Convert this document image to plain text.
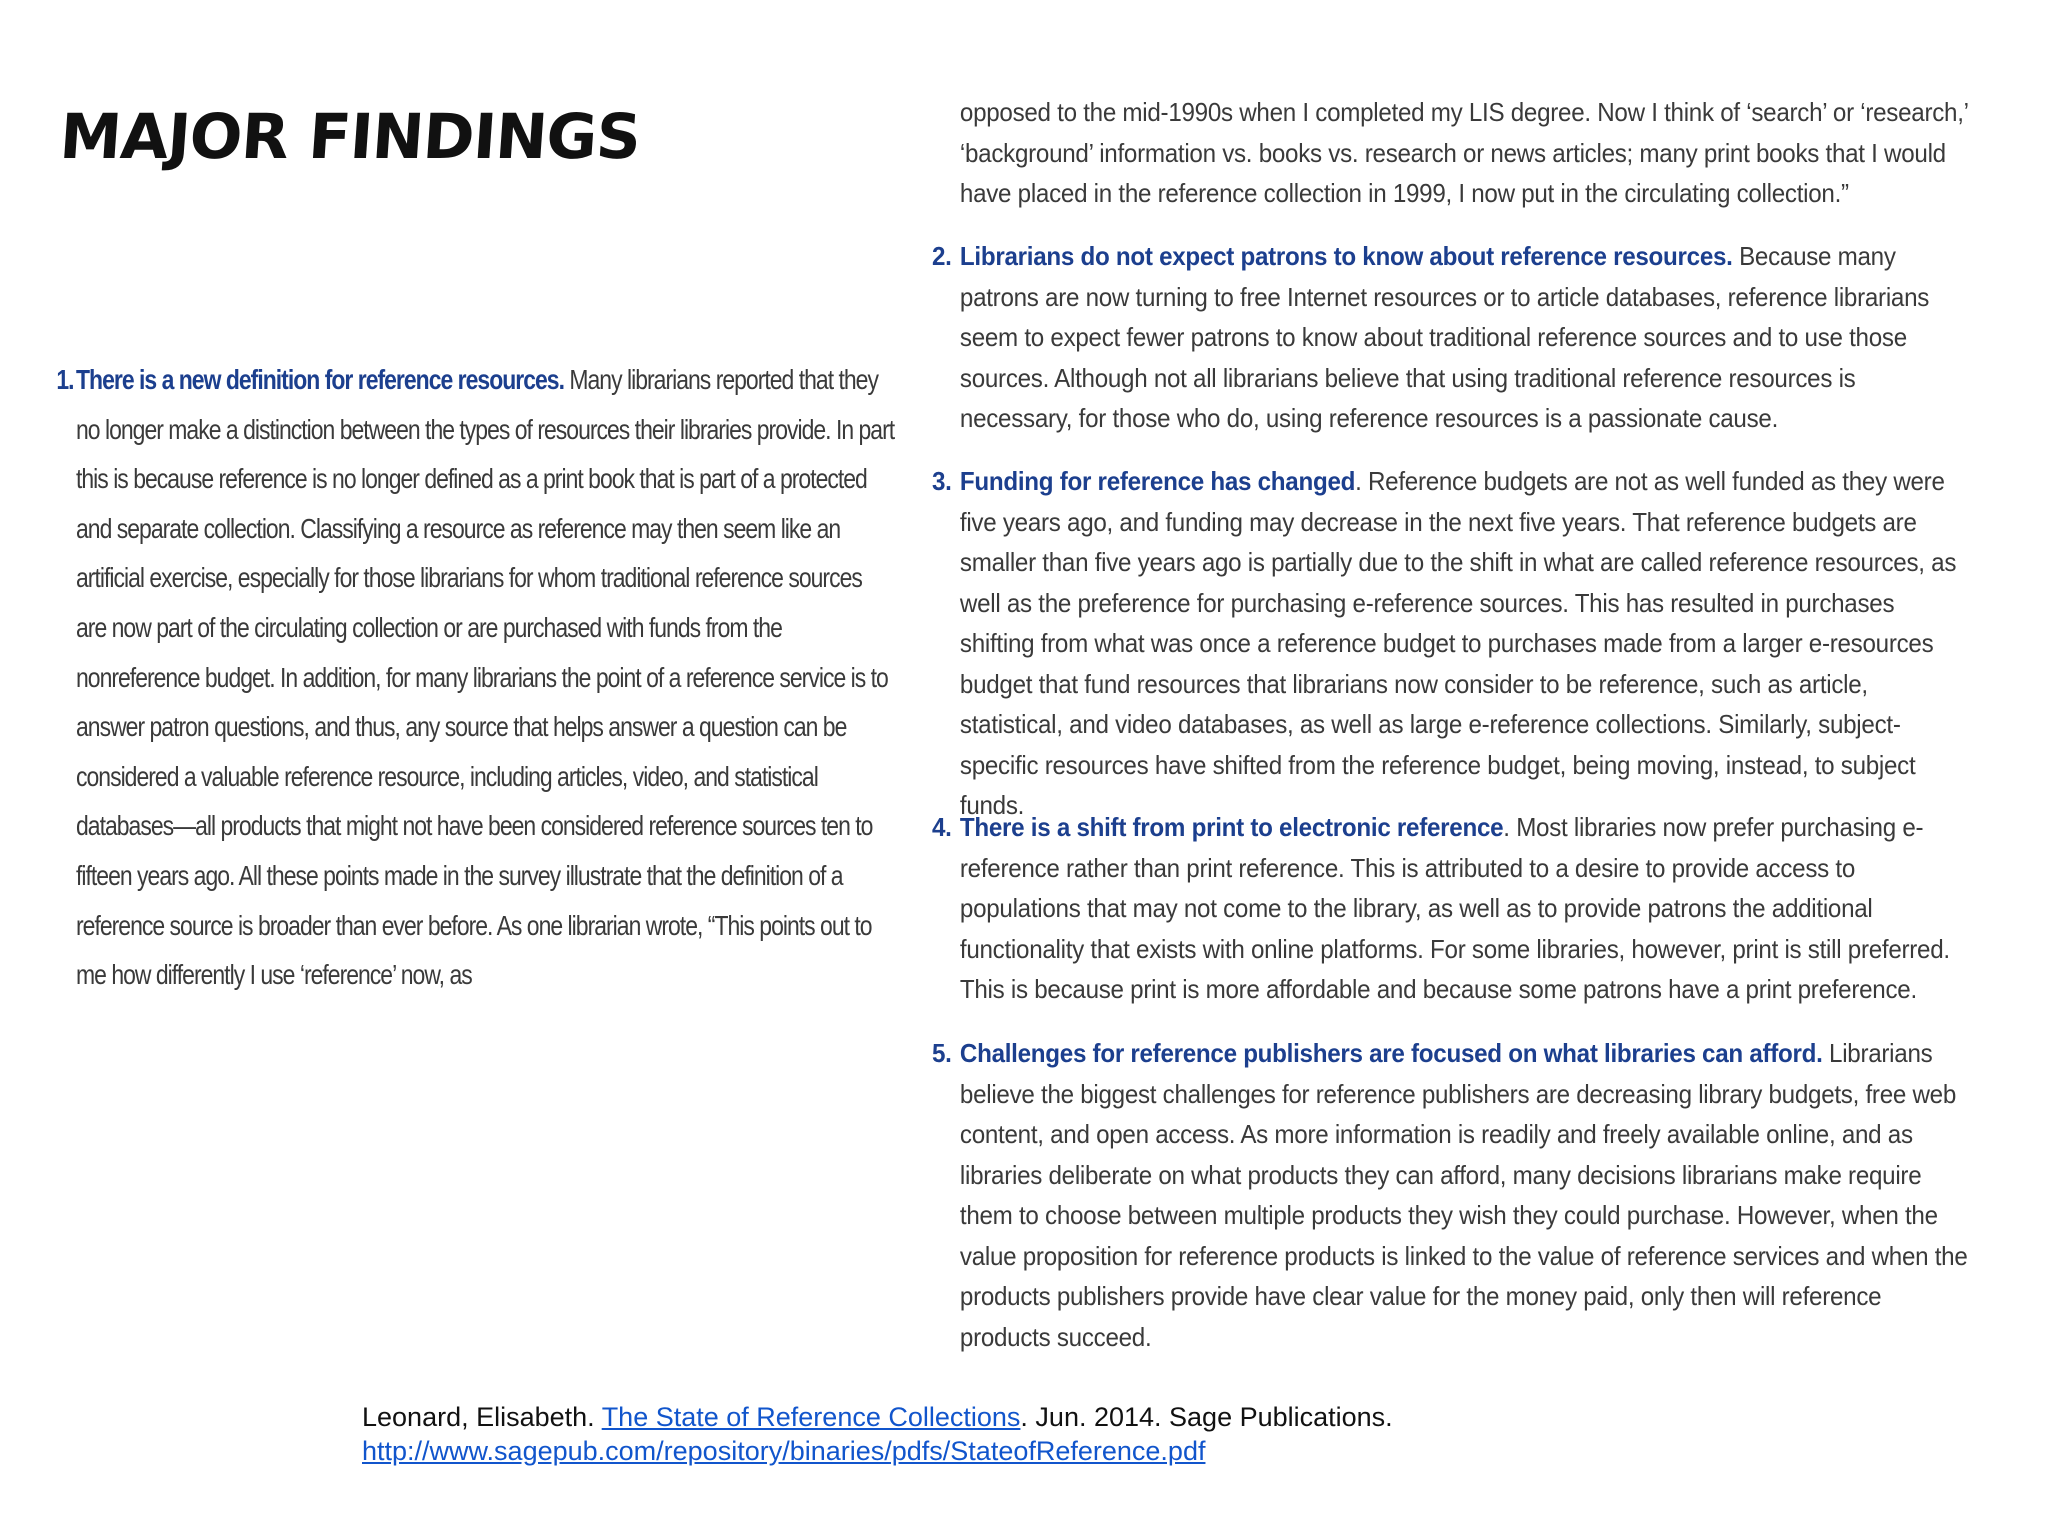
MAJOR FINDINGS

1. There is a new definition for reference resources. Many librarians reported that they no longer make a distinction between the types of resources their libraries provide. In part this is because reference is no longer defined as a print book that is part of a protected and separate collection. Classifying a resource as reference may then seem like an artificial exercise, especially for those librarians for whom traditional reference sources are now part of the circulating collection or are purchased with funds from the nonreference budget. In addition, for many librarians the point of a reference service is to answer patron questions, and thus, any source that helps answer a question can be considered a valuable reference resource, including articles, video, and statistical databases—all products that might not have been considered reference sources ten to fifteen years ago. All these points made in the survey illustrate that the definition of a reference source is broader than ever before. As one librarian wrote, “This points out to me how differently I use ‘reference’ now, as

opposed to the mid-1990s when I completed my LIS degree. Now I think of ‘search’ or ‘research,’ ‘background’ information vs. books vs. research or news articles; many print books that I would have placed in the reference collection in 1999, I now put in the circulating collection.”

2. Librarians do not expect patrons to know about reference resources. Because many patrons are now turning to free Internet resources or to article databases, reference librarians seem to expect fewer patrons to know about traditional reference sources and to use those sources. Although not all librarians believe that using traditional reference resources is necessary, for those who do, using reference resources is a passionate cause.

3. Funding for reference has changed. Reference budgets are not as well funded as they were five years ago, and funding may decrease in the next five years. That reference budgets are smaller than five years ago is partially due to the shift in what are called reference resources, as well as the preference for purchasing e-reference sources. This has resulted in purchases shifting from what was once a reference budget to purchases made from a larger e-resources budget that fund resources that librarians now consider to be reference, such as article, statistical, and video databases, as well as large e-reference collections. Similarly, subject-specific resources have shifted from the reference budget, being moving, instead, to subject funds.

4. There is a shift from print to electronic reference. Most libraries now prefer purchasing e-reference rather than print reference. This is attributed to a desire to provide access to populations that may not come to the library, as well as to provide patrons the additional functionality that exists with online platforms. For some libraries, however, print is still preferred. This is because print is more affordable and because some patrons have a print preference.

5. Challenges for reference publishers are focused on what libraries can afford. Librarians believe the biggest challenges for reference publishers are decreasing library budgets, free web content, and open access. As more information is readily and freely available online, and as libraries deliberate on what products they can afford, many decisions librarians make require them to choose between multiple products they wish they could purchase. However, when the value proposition for reference products is linked to the value of reference services and when the products publishers provide have clear value for the money paid, only then will reference products succeed.

Leonard, Elisabeth. The State of Reference Collections. Jun. 2014. Sage Publications.
http://www.sagepub.com/repository/binaries/pdfs/StateofReference.pdf
